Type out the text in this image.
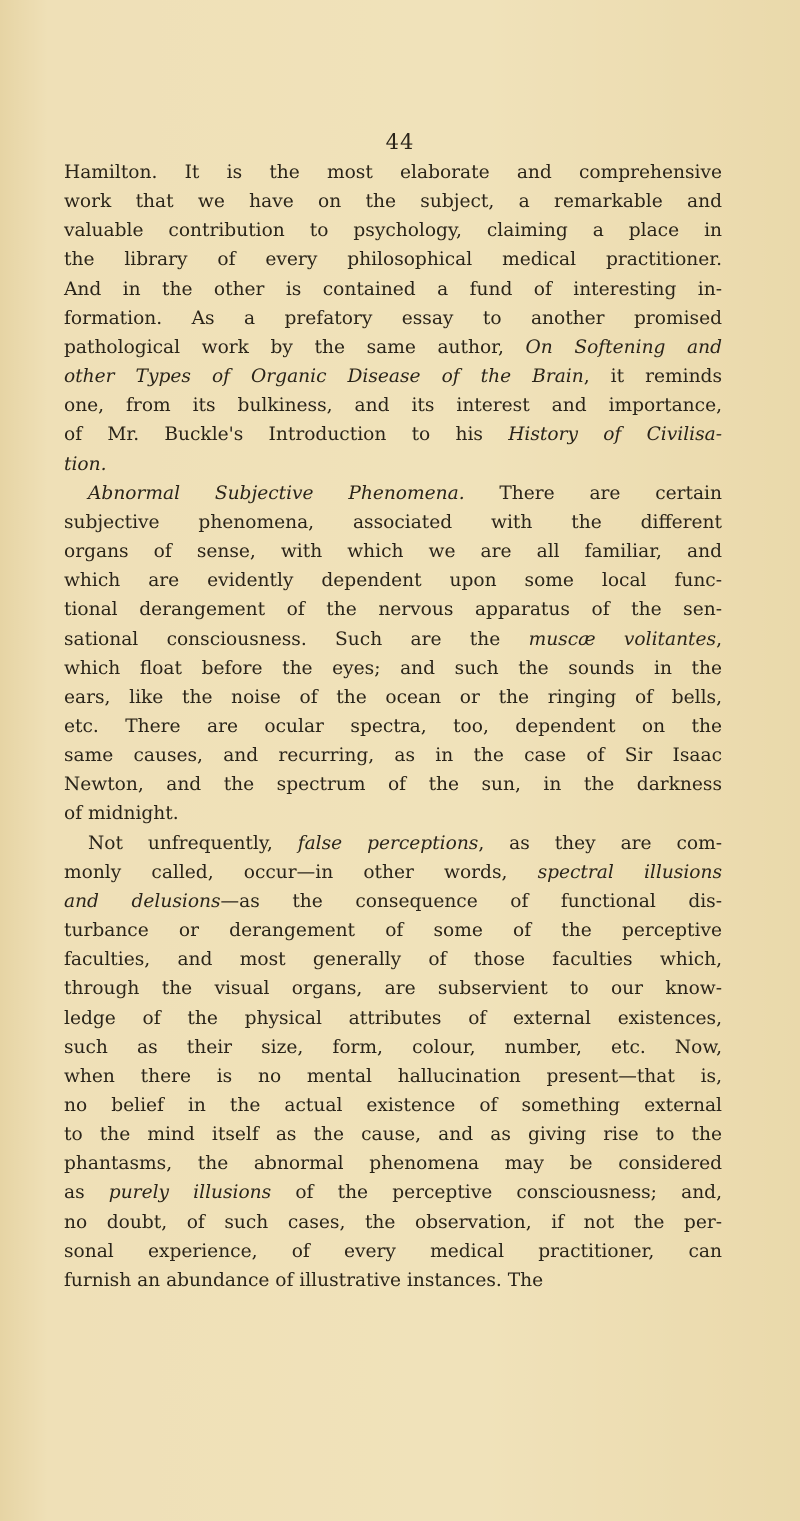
44
Hamilton. It is the most elaborate and comprehensive
work that we have on the subject, a remarkable and
valuable contribution to psychology, claiming a place in
the library of every philosophical medical practitioner.
And in the other is contained a fund of interesting in-
formation. As a prefatory essay to another promised
pathological work by the same author, On Softening and
other Types of Organic Disease of the Brain, it reminds
one, from its bulkiness, and its interest and importance,
of Mr. Buckle's Introduction to his History of Civilisa-
tion.
Abnormal Subjective Phenomena. There are certain
subjective phenomena, associated with the different
organs of sense, with which we are all familiar, and
which are evidently dependent upon some local func-
tional derangement of the nervous apparatus of the sen-
sational consciousness. Such are the muscæ volitantes,
which float before the eyes; and such the sounds in the
ears, like the noise of the ocean or the ringing of bells,
etc. There are ocular spectra, too, dependent on the
same causes, and recurring, as in the case of Sir Isaac
Newton, and the spectrum of the sun, in the darkness
of midnight.
Not unfrequently, false perceptions, as they are com-
monly called, occur—in other words, spectral illusions
and delusions—as the consequence of functional dis-
turbance or derangement of some of the perceptive
faculties, and most generally of those faculties which,
through the visual organs, are subservient to our know-
ledge of the physical attributes of external existences,
such as their size, form, colour, number, etc. Now,
when there is no mental hallucination present—that is,
no belief in the actual existence of something external
to the mind itself as the cause, and as giving rise to the
phantasms, the abnormal phenomena may be considered
as purely illusions of the perceptive consciousness; and,
no doubt, of such cases, the observation, if not the per-
sonal experience, of every medical practitioner, can
furnish an abundance of illustrative instances. The
